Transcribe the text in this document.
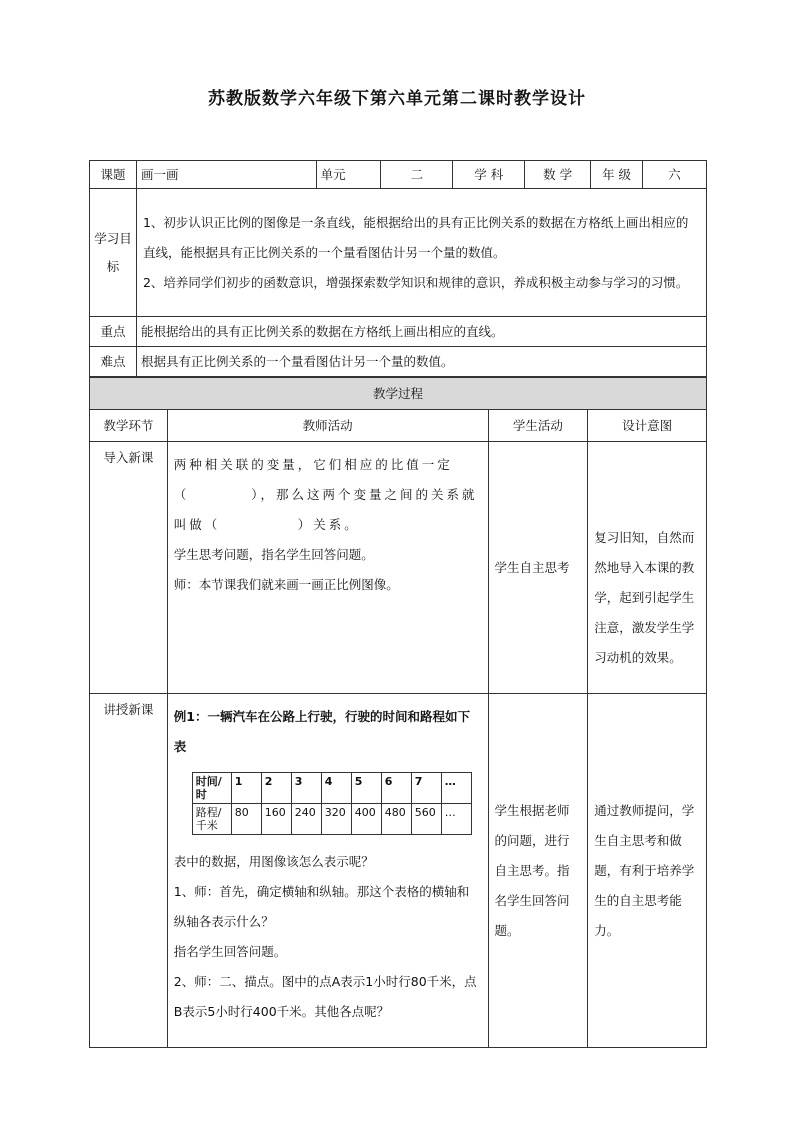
苏教版数学六年级下第六单元第二课时教学设计
课题	画一画	单元	二	学 科	数 学	年 级	六
学习目标	1、初步认识正比例的图像是一条直线，能根据给出的具有正比例关系的数据在方格纸上画出相应的直线，能根据具有正比例关系的一个量看图估计另一个量的数值。
2、培养同学们初步的函数意识，增强探索数学知识和规律的意识，养成积极主动参与学习的习惯。						

重点	能根据给出的具有正比例关系的数据在方格纸上画出相应的直线。						
难点	根据具有正比例关系的一个量看图估计另一个量的数值。						
教学过程
教学环节	教师活动	学生活动	设计意图
导入新课	两种相关联的变量，它们相应的比值一定（　　　　），那么这两个变量之间的关系就叫做（　　　　　）关系。
学生思考问题，指名学生回答问题。
师：本节课我们就来画一画正比例图像。
	学生自主思考	复习旧知，自然而然地导入本课的教学，起到引起学生注意，激发学生学习动机的效果。
讲授新课	例1：一辆汽车在公路上行驶，行驶的时间和路程如下表
时间/时	1	2	3	4	5	6	7	…
路程/千米	80	160	240	320	400	480	560	…
表中的数据，用图像该怎么表示呢？
1、师：首先，确定横轴和纵轴。那这个表格的横轴和纵轴各表示什么？
指名学生回答问题。
2、师：二、描点。图中的点A表示1小时行80千米，点B表示5小时行400千米。其他各点呢？
	学生根据老师的问题，进行自主思考。指名学生回答问题。	通过教师提问，学生自主思考和做题，有利于培养学生的自主思考能力。
